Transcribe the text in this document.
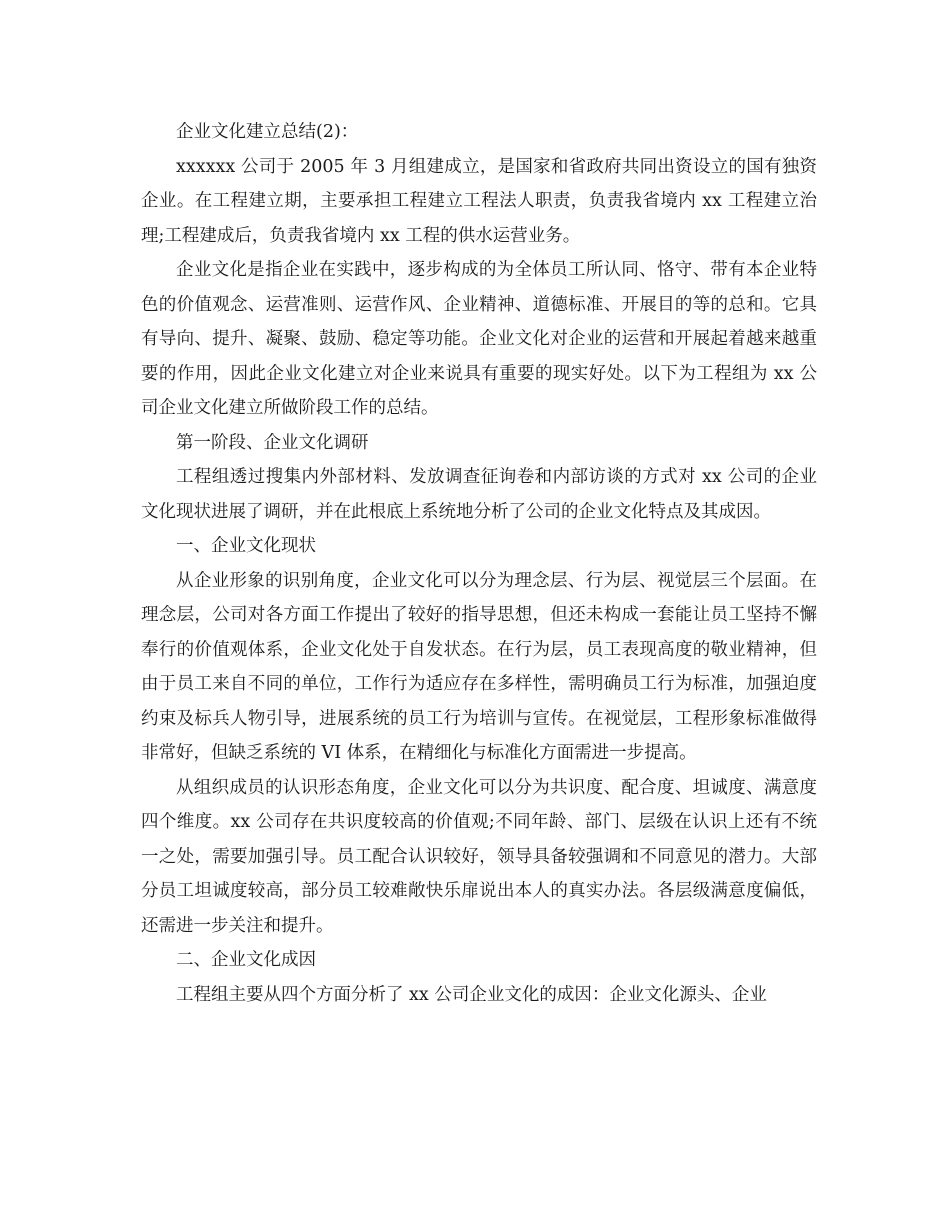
企业文化建立总结(2)：

xxxxxx 公司于 2005 年 3 月组建成立，是国家和省政府共同出资设立的国有独资企业。在工程建立期，主要承担工程建立工程法人职责，负责我省境内 xx 工程建立治理;工程建成后，负责我省境内 xx 工程的供水运营业务。

企业文化是指企业在实践中，逐步构成的为全体员工所认同、恪守、带有本企业特色的价值观念、运营准则、运营作风、企业精神、道德标准、开展目的等的总和。它具有导向、提升、凝聚、鼓励、稳定等功能。企业文化对企业的运营和开展起着越来越重要的作用，因此企业文化建立对企业来说具有重要的现实好处。以下为工程组为 xx 公司企业文化建立所做阶段工作的总结。

第一阶段、企业文化调研

工程组透过搜集内外部材料、发放调查征询卷和内部访谈的方式对 xx 公司的企业文化现状进展了调研，并在此根底上系统地分析了公司的企业文化特点及其成因。

一、企业文化现状

从企业形象的识别角度，企业文化可以分为理念层、行为层、视觉层三个层面。在理念层，公司对各方面工作提出了较好的指导思想，但还未构成一套能让员工坚持不懈奉行的价值观体系，企业文化处于自发状态。在行为层，员工表现高度的敬业精神，但由于员工来自不同的单位，工作行为适应存在多样性，需明确员工行为标准，加强迫度约束及标兵人物引导，进展系统的员工行为培训与宣传。在视觉层，工程形象标准做得非常好，但缺乏系统的 VI 体系，在精细化与标准化方面需进一步提高。

从组织成员的认识形态角度，企业文化可以分为共识度、配合度、坦诚度、满意度四个维度。xx 公司存在共识度较高的价值观;不同年龄、部门、层级在认识上还有不统一之处，需要加强引导。员工配合认识较好，领导具备较强调和不同意见的潜力。大部分员工坦诚度较高，部分员工较难敞快乐扉说出本人的真实办法。各层级满意度偏低，还需进一步关注和提升。

二、企业文化成因

工程组主要从四个方面分析了 xx 公司企业文化的成因：企业文化源头、企业
